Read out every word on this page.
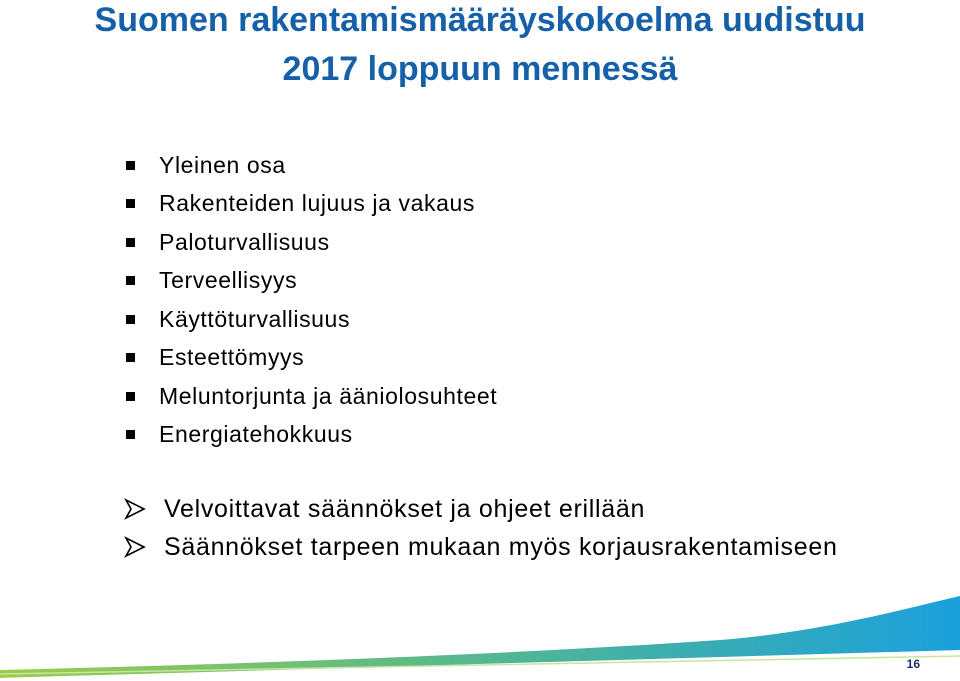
Suomen rakentamismääräyskokoelma uudistuu
2017 loppuun mennessä
Yleinen osa
Rakenteiden lujuus ja vakaus
Paloturvallisuus
Terveellisyys
Käyttöturvallisuus
Esteettömyys
Meluntorjunta ja ääniolosuhteet
Energiatehokkuus
Velvoittavat säännökset ja ohjeet erillään
Säännökset tarpeen mukaan myös korjausrakentamiseen
16
